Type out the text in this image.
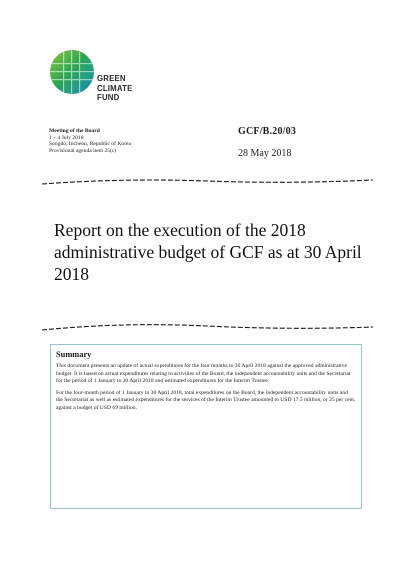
GREEN
CLIMATE
FUND
Meeting of the Board
1 – 4 July 2018
Songdo, Incheon, Republic of Korea
Provisional agenda item 25(c)
GCF/B.20/03
28 May 2018
Report on the execution of the 2018 administrative budget of GCF as at 30 April 2018
Summary

This document presents an update of actual expenditures for the four months to 30 April 2018 against the approved administrative budget. It is based on actual expenditures relating to activities of the Board, the independent accountability units and the Secretariat for the period of 1 January to 30 April 2018 and estimated expenditures for the Interim Trustee.

For the four-month period of 1 January to 30 April 2018, total expenditures on the Board, the independent accountability units and the Secretariat as well as estimated expenditures for the services of the Interim Trustee amounted to USD 17.5 million, or 25 per cent, against a budget of USD 69 million.
